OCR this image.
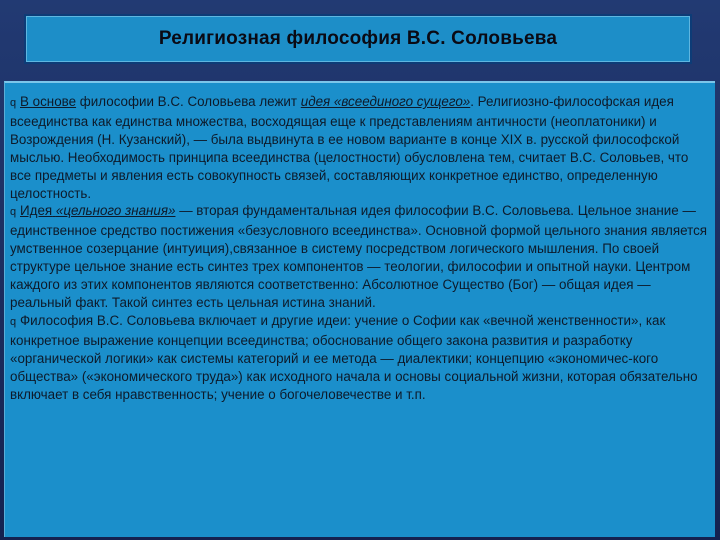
Религиозная философия В.С. Соловьева

q В основе философии В.С. Соловьева лежит идея «всеединого сущего». Религиозно-философская идея всеединства как единства множества, восходящая еще к представлениям античности (неоплатоники) и Возрождения (Н. Кузанский), — была выдвинута в ее новом варианте в конце XIX в. русской философской мыслью. Необходимость принципа всеединства (целостности) обусловлена тем, считает В.С. Соловьев, что все предметы и явления есть совокупность связей, составляющих конкретное единство, определенную целостность.

q Идея «цельного знания» — вторая фундаментальная идея философии В.С. Соловьева. Цельное знание — единственное средство постижения «безусловного всеединства». Основной формой цельного знания является умственное созерцание (интуиция),связанное в систему посредством логического мышления. По своей структуре цельное знание есть синтез трех компонентов — теологии, философии и опытной науки. Центром каждого из этих компонентов являются соответственно: Абсолютное Существо (Бог) — общая идея — реальный факт. Такой синтез есть цельная истина знаний.

q Философия В.С. Соловьева включает и другие идеи: учение о Софии как «вечной женственности», как конкретное выражение концепции всеединства; обоснование общего закона развития и разработку «органической логики» как системы категорий и ее метода — диалектики; концепцию «экономичес-кого общества» («экономического труда») как исходного начала и основы социальной жизни, которая обязательно включает в себя нравственность; учение о богочеловечестве и т.п.
